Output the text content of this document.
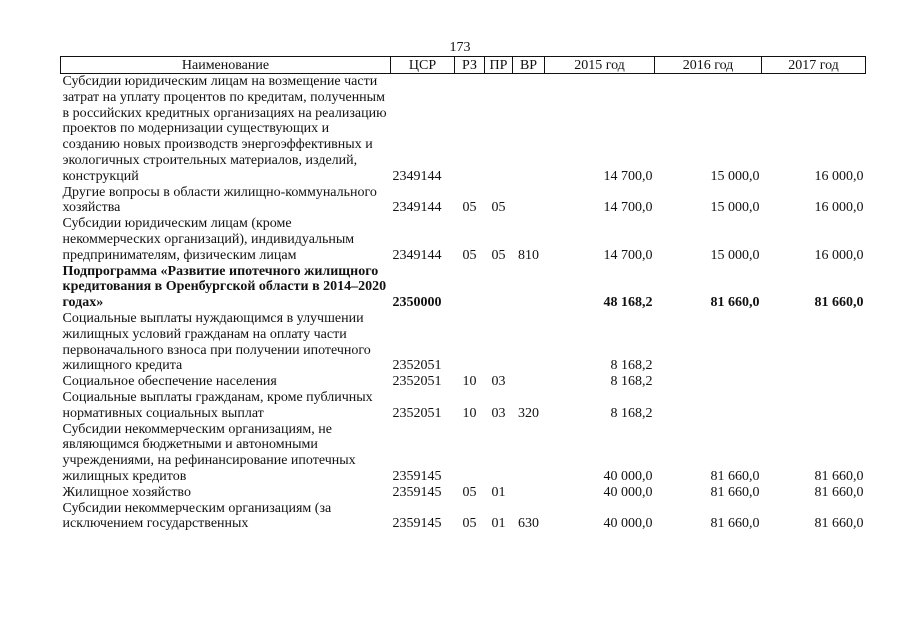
173
Наименование	ЦСР	РЗ	ПР	ВР	2015 год	2016 год	2017 год
Субсидии юридическим лицам на возмещение части затрат на уплату процентов по кредитам, полученным в российских кредитных организациях на реализацию проектов по модернизации существующих и созданию новых производств энергоэффективных и экологичных строительных материалов, изделий, конструкций	2349144				14 700,0	15 000,0	16 000,0
Другие вопросы в области жилищно-коммунального хозяйства	2349144	05	05		14 700,0	15 000,0	16 000,0
Субсидии юридическим лицам (кроме некоммерческих организаций), индивидуальным предпринимателям, физическим лицам	2349144	05	05	810	14 700,0	15 000,0	16 000,0
Подпрограмма «Развитие ипотечного жилищного кредитования в Оренбургской области в 2014–2020 годах»	2350000				48 168,2	81 660,0	81 660,0
Социальные выплаты нуждающимся в улучшении жилищных условий гражданам на оплату части первоначального взноса при получении ипотечного жилищного кредита	2352051				8 168,2		
Социальное обеспечение населения	2352051	10	03		8 168,2		
Социальные выплаты гражданам, кроме публичных нормативных социальных выплат	2352051	10	03	320	8 168,2		
Субсидии некоммерческим организациям, не являющимся бюджетными и автономными учреждениями, на рефинансирование ипотечных жилищных кредитов	2359145				40 000,0	81 660,0	81 660,0
Жилищное хозяйство	2359145	05	01		40 000,0	81 660,0	81 660,0
Субсидии некоммерческим организациям (за исключением государственных	2359145	05	01	630	40 000,0	81 660,0	81 660,0
